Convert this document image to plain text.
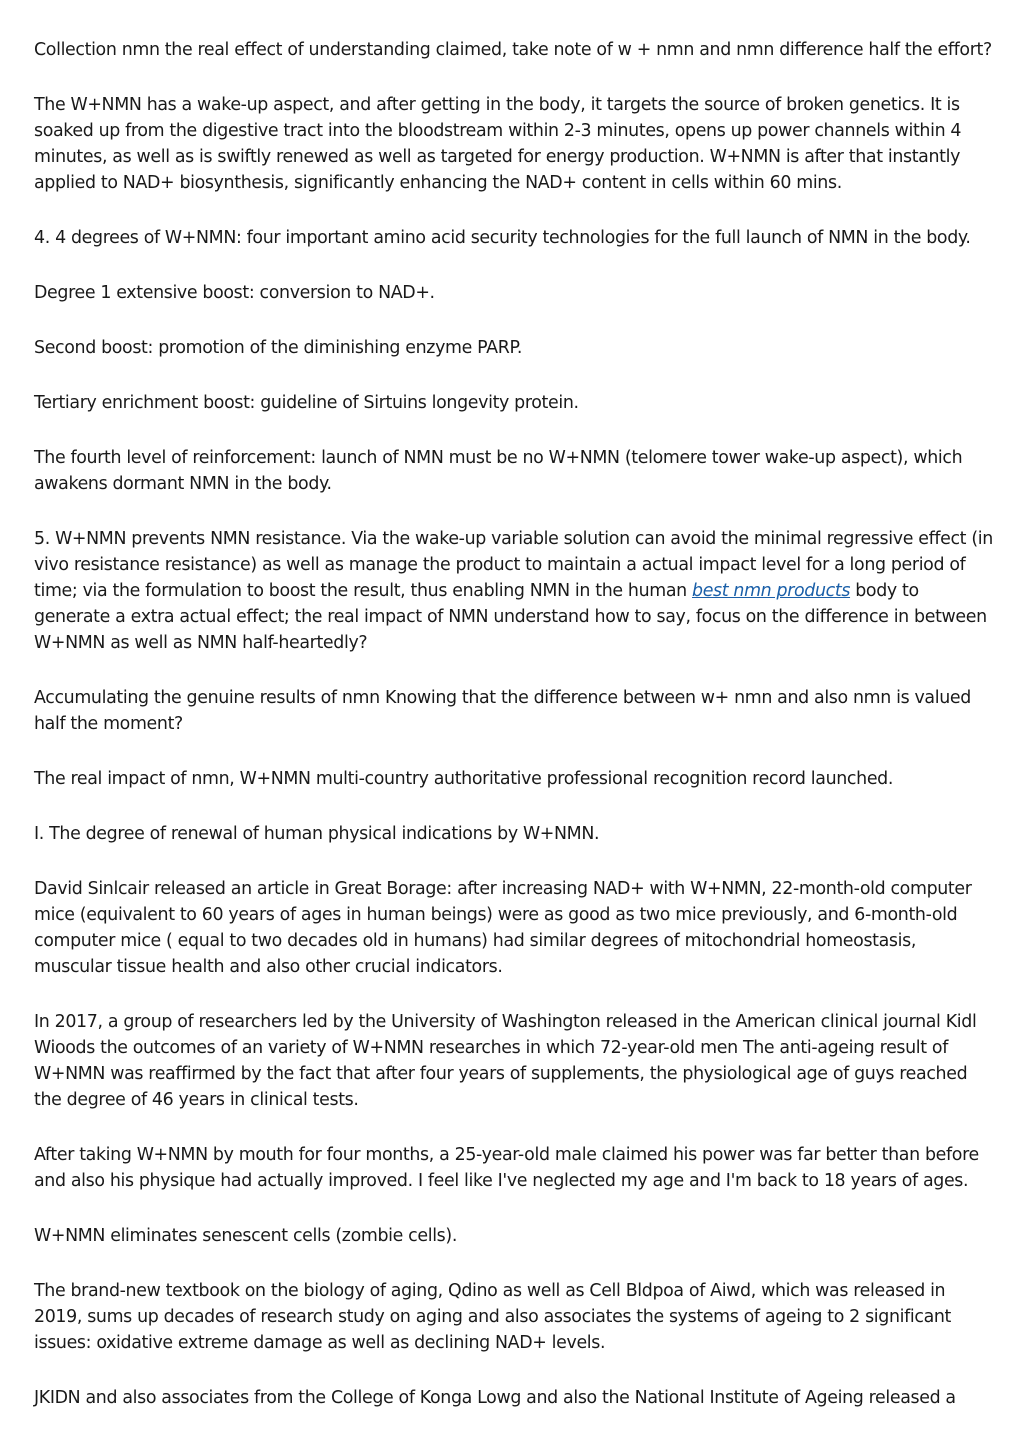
Collection nmn the real effect of understanding claimed, take note of w + nmn and nmn difference half the effort?

The W+NMN has a wake-up aspect, and after getting in the body, it targets the source of broken genetics. It is soaked up from the digestive tract into the bloodstream within 2-3 minutes, opens up power channels within 4 minutes, as well as is swiftly renewed as well as targeted for energy production. W+NMN is after that instantly applied to NAD+ biosynthesis, significantly enhancing the NAD+ content in cells within 60 mins.

4. 4 degrees of W+NMN: four important amino acid security technologies for the full launch of NMN in the body.

Degree 1 extensive boost: conversion to NAD+.

Second boost: promotion of the diminishing enzyme PARP.

Tertiary enrichment boost: guideline of Sirtuins longevity protein.

The fourth level of reinforcement: launch of NMN must be no W+NMN (telomere tower wake-up aspect), which awakens dormant NMN in the body.

5. W+NMN prevents NMN resistance. Via the wake-up variable solution can avoid the minimal regressive effect (in vivo resistance resistance) as well as manage the product to maintain a actual impact level for a long period of time; via the formulation to boost the result, thus enabling NMN in the human best nmn products body to generate a extra actual effect; the real impact of NMN understand how to say, focus on the difference in between W+NMN as well as NMN half-heartedly?

Accumulating the genuine results of nmn Knowing that the difference between w+ nmn and also nmn is valued half the moment?

The real impact of nmn, W+NMN multi-country authoritative professional recognition record launched.

I. The degree of renewal of human physical indications by W+NMN.

David Sinlcair released an article in Great Borage: after increasing NAD+ with W+NMN, 22-month-old computer mice (equivalent to 60 years of ages in human beings) were as good as two mice previously, and 6-month-old computer mice ( equal to two decades old in humans) had similar degrees of mitochondrial homeostasis, muscular tissue health and also other crucial indicators.

In 2017, a group of researchers led by the University of Washington released in the American clinical journal Kidl Wioods the outcomes of an variety of W+NMN researches in which 72-year-old men The anti-ageing result of W+NMN was reaffirmed by the fact that after four years of supplements, the physiological age of guys reached the degree of 46 years in clinical tests.

After taking W+NMN by mouth for four months, a 25-year-old male claimed his power was far better than before and also his physique had actually improved. I feel like I've neglected my age and I'm back to 18 years of ages.

W+NMN eliminates senescent cells (zombie cells).

The brand-new textbook on the biology of aging, Qdino as well as Cell Bldpoa of Aiwd, which was released in 2019, sums up decades of research study on aging and also associates the systems of ageing to 2 significant issues: oxidative extreme damage as well as declining NAD+ levels.

JKIDN and also associates from the College of Konga Lowg and also the National Institute of Ageing released a
